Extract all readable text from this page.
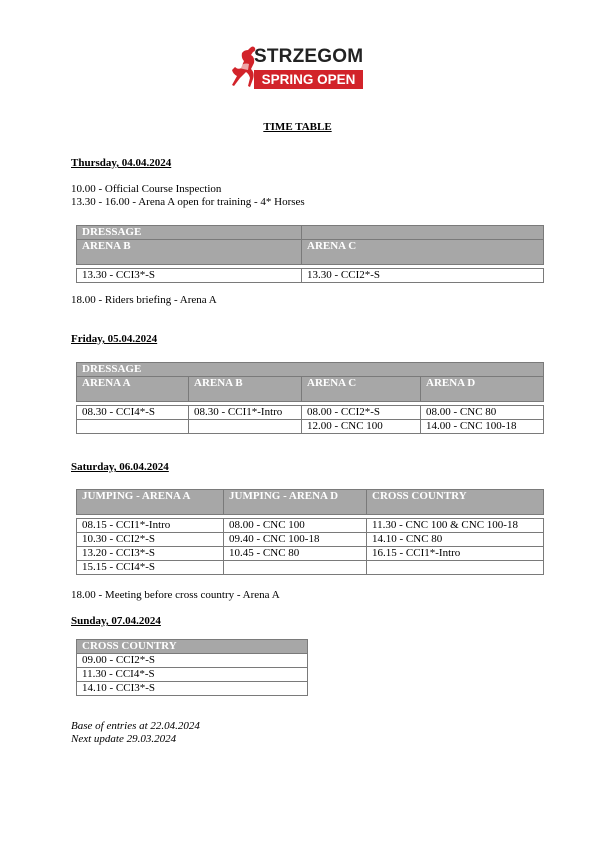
STRZEGOM
SPRING OPEN
TIME TABLE
Thursday, 04.04.2024
10.00 - Official Course Inspection
13.30 - 16.00 - Arena A open for training - 4* Horses
DRESSAGE	
ARENA B	ARENA C

13.30 - CCI3*-S	13.30 - CCI2*-S
18.00 - Riders briefing - Arena A
Friday, 05.04.2024
DRESSAGE			
ARENA A	ARENA B	ARENA C	ARENA D

08.30 - CCI4*-S	08.30 - CCI1*-Intro	08.00 - CCI2*-S	08.00 - CNC 80
		12.00 - CNC 100	14.00 - CNC 100-18
Saturday, 06.04.2024
JUMPING - ARENA A	JUMPING - ARENA D	CROSS COUNTRY

08.15 - CCI1*-Intro	08.00 - CNC 100	11.30 - CNC 100 & CNC 100-18
10.30 - CCI2*-S	09.40 - CNC 100-18	14.10 - CNC 80
13.20 - CCI3*-S	10.45 - CNC 80	16.15 - CCI1*-Intro
15.15 - CCI4*-S		
18.00 - Meeting before cross country - Arena A
Sunday, 07.04.2024
CROSS COUNTRY
09.00 - CCI2*-S
11.30 - CCI4*-S
14.10 - CCI3*-S
Base of entries at 22.04.2024
Next update 29.03.2024
